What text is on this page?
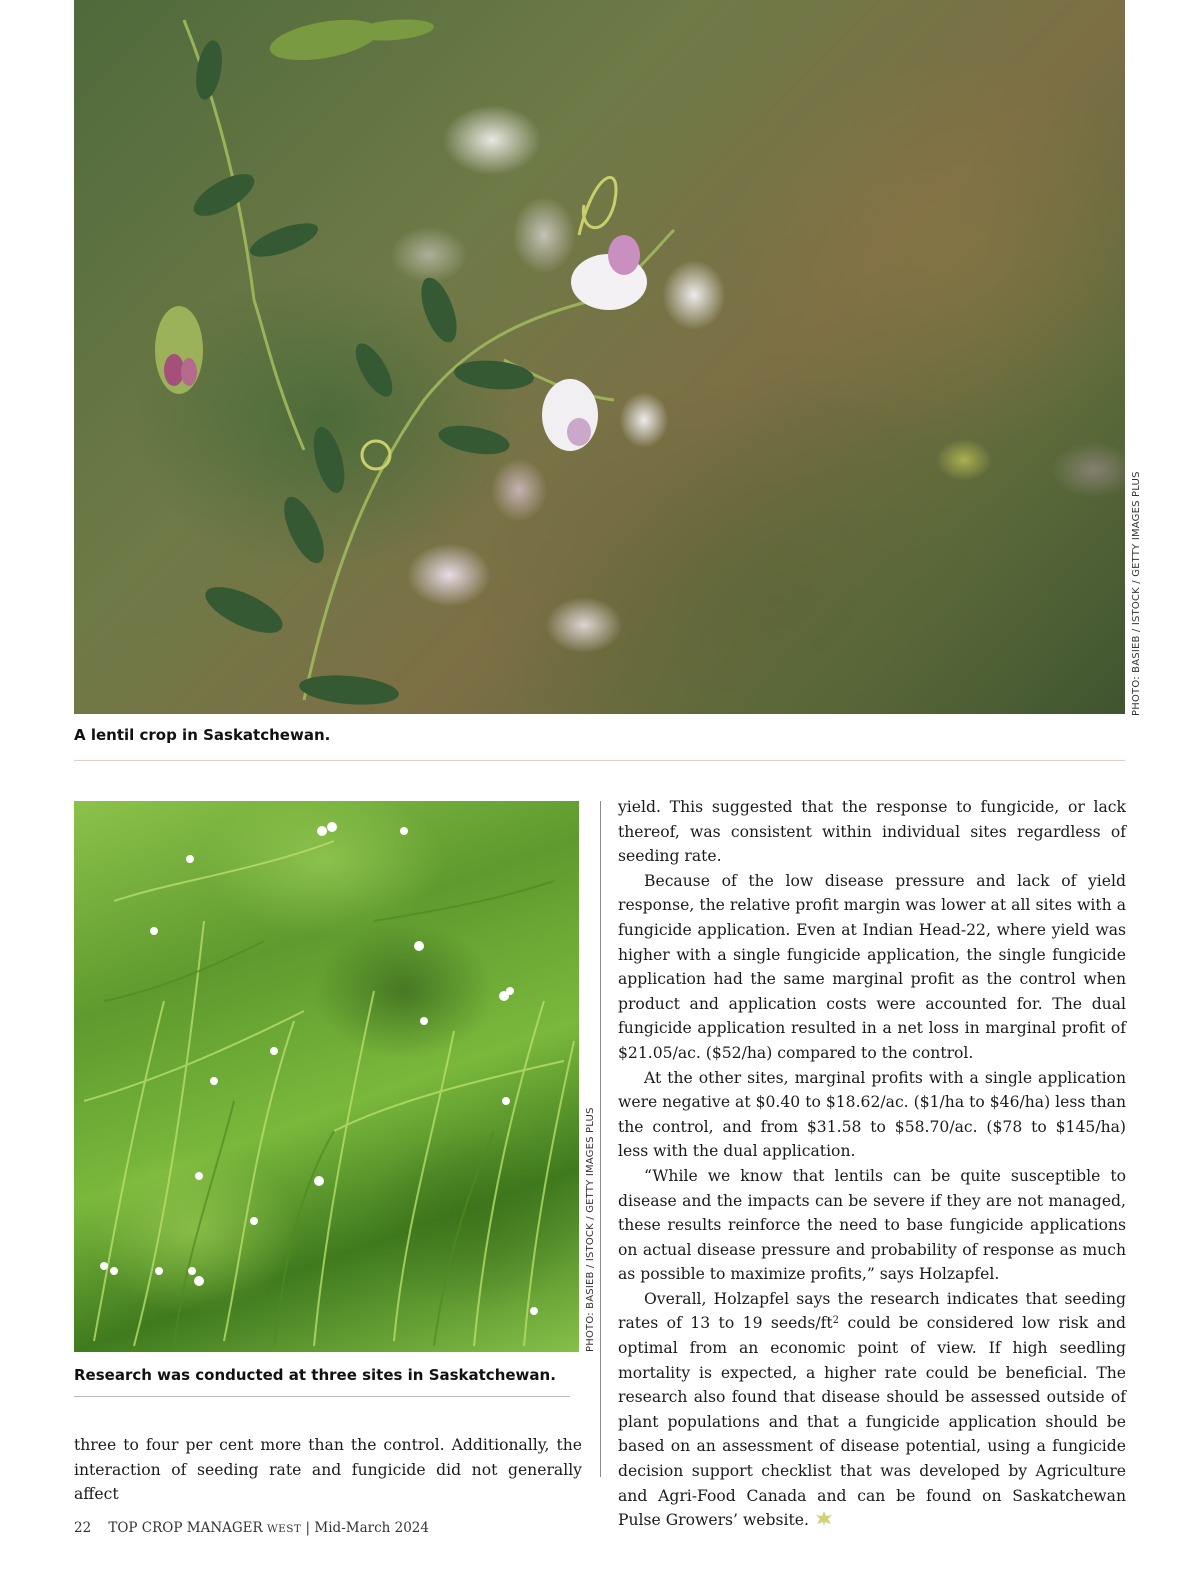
PHOTO: BASIEB / ISTOCK / GETTY IMAGES PLUS
A lentil crop in Saskatchewan.
PHOTO: BASIEB / ISTOCK / GETTY IMAGES PLUS
Research was conducted at three sites in Saskatchewan.

three to four per cent more than the control. Additionally, the interaction of seeding rate and fungicide did not generally affect

yield. This suggested that the response to fungicide, or lack thereof, was consistent within individual sites regardless of seeding rate.

Because of the low disease pressure and lack of yield response, the relative profit margin was lower at all sites with a fungicide application. Even at Indian Head-22, where yield was higher with a single fungicide application, the single fungicide application had the same marginal profit as the control when product and application costs were accounted for. The dual fungicide application resulted in a net loss in marginal profit of $21.05/ac. ($52/ha) compared to the control.

At the other sites, marginal profits with a single application were negative at $0.40 to $18.62/ac. ($1/ha to $46/ha) less than the control, and from $31.58 to $58.70/ac. ($78 to $145/ha) less with the dual application.

“While we know that lentils can be quite susceptible to disease and the impacts can be severe if they are not managed, these results reinforce the need to base fungicide applications on actual disease pressure and probability of response as much as possible to maximize profits,” says Holzapfel.

Overall, Holzapfel says the research indicates that seeding rates of 13 to 19 seeds/$ft^2$ could be considered low risk and optimal from an economic point of view. If high seedling mortality is expected, a higher rate could be beneficial. The research also found that disease should be assessed outside of plant populations and that a fungicide application should be based on an assessment of disease potential, using a fungicide decision support checklist that was developed by Agriculture and Agri-Food Canada and can be found on Saskatchewan Pulse Growers’ website.

22 TOP CROP MANAGER WEST | Mid-March 2024
